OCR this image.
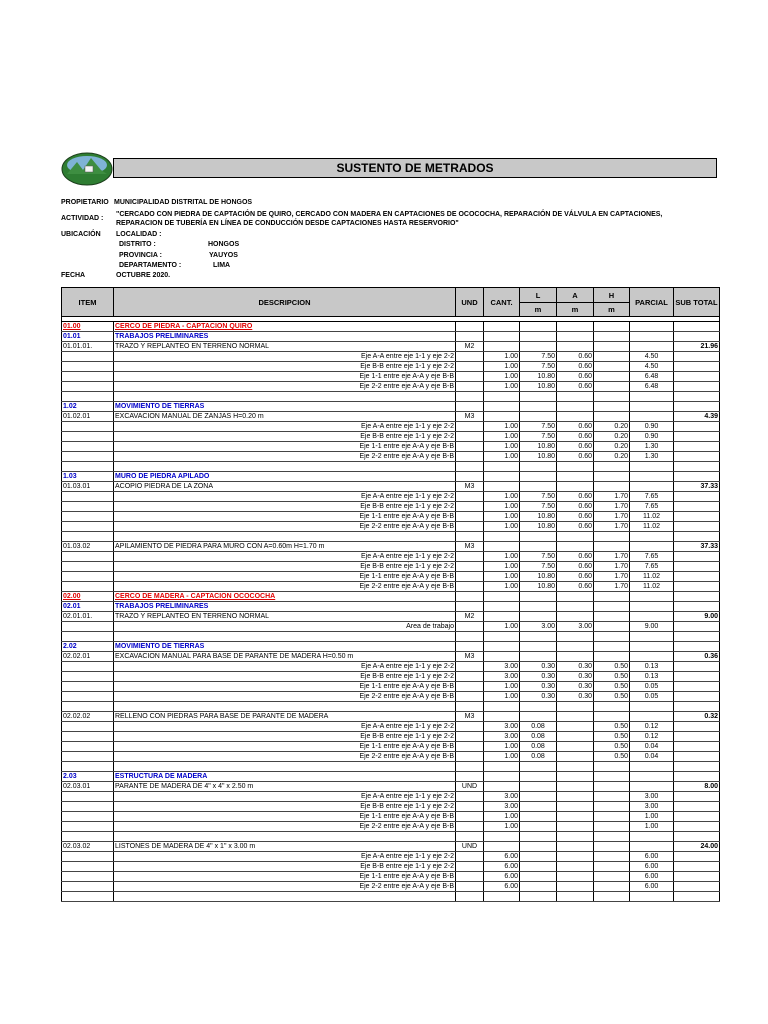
SUSTENTO DE METRADOS
PROPIETARIO MUNICIPALIDAD DISTRITAL DE HONGOS
ACTIVIDAD :
"CERCADO CON PIEDRA DE CAPTACIÓN DE QUIRO, CERCADO CON MADERA EN CAPTACIONES DE OCOCOCHA, REPARACIÓN DE VÁLVULA EN CAPTACIONES,
REPARACION DE TUBERÍA EN LÍNEA DE CONDUCCIÓN DESDE CAPTACIONES HASTA RESERVORIO"
UBICACIÓN LOCALIDAD :
DISTRITO :	HONGOS
PROVINCIA :	YAUYOS
DEPARTAMENTO :	LIMA
FECHA	OCTUBRE 2020.
ITEM	DESCRIPCION	UND	CANT.	L	A	H	PARCIAL	SUB TOTAL
				m	m	m		

01.00	CERCO DE PIEDRA - CAPTACION QUIRO							
01.01	TRABAJOS PRELIMINARES							
01.01.01.	TRAZO Y REPLANTEO EN TERRENO NORMAL	M2						21.96
	Eje A-A entre eje 1-1 y eje 2-2		1.00	7.50	0.60		4.50	
	Eje B-B entre eje 1-1 y eje 2-2		1.00	7.50	0.60		4.50	
	Eje 1-1 entre eje A-A y eje B-B		1.00	10.80	0.60		6.48	
	Eje 2-2 entre eje A-A y eje B-B		1.00	10.80	0.60		6.48	

1.02	MOVIMIENTO DE TIERRAS							
01.02.01	EXCAVACION MANUAL DE ZANJAS H=0.20 m	M3						4.39
	Eje A-A entre eje 1-1 y eje 2-2		1.00	7.50	0.60	0.20	0.90	
	Eje B-B entre eje 1-1 y eje 2-2		1.00	7.50	0.60	0.20	0.90	
	Eje 1-1 entre eje A-A y eje B-B		1.00	10.80	0.60	0.20	1.30	
	Eje 2-2 entre eje A-A y eje B-B		1.00	10.80	0.60	0.20	1.30	

1.03	MURO DE PIEDRA APILADO							
01.03.01	ACOPIO PIEDRA DE LA ZONA	M3						37.33
	Eje A-A entre eje 1-1 y eje 2-2		1.00	7.50	0.60	1.70	7.65	
	Eje B-B entre eje 1-1 y eje 2-2		1.00	7.50	0.60	1.70	7.65	
	Eje 1-1 entre eje A-A y eje B-B		1.00	10.80	0.60	1.70	11.02	
	Eje 2-2 entre eje A-A y eje B-B		1.00	10.80	0.60	1.70	11.02	

01.03.02	APILAMIENTO DE PIEDRA PARA MURO CON A=0.60m H=1.70 m	M3						37.33
	Eje A-A entre eje 1-1 y eje 2-2		1.00	7.50	0.60	1.70	7.65	
	Eje B-B entre eje 1-1 y eje 2-2		1.00	7.50	0.60	1.70	7.65	
	Eje 1-1 entre eje A-A y eje B-B		1.00	10.80	0.60	1.70	11.02	
	Eje 2-2 entre eje A-A y eje B-B		1.00	10.80	0.60	1.70	11.02	
02.00	CERCO DE MADERA - CAPTACION OCOCOCHA							
02.01	TRABAJOS PRELIMINARES							
02.01.01.	TRAZO Y REPLANTEO EN TERRENO NORMAL	M2						9.00
	Area de trabajo		1.00	3.00	3.00		9.00	

2.02	MOVIMIENTO DE TIERRAS							
02.02.01	EXCAVACION MANUAL PARA BASE DE PARANTE DE MADERA H=0.50 m	M3						0.36
	Eje A-A entre eje 1-1 y eje 2-2		3.00	0.30	0.30	0.50	0.13	
	Eje B-B entre eje 1-1 y eje 2-2		3.00	0.30	0.30	0.50	0.13	
	Eje 1-1 entre eje A-A y eje B-B		1.00	0.30	0.30	0.50	0.05	
	Eje 2-2 entre eje A-A y eje B-B		1.00	0.30	0.30	0.50	0.05	

02.02.02	RELLENO CON PIEDRAS PARA BASE DE PARANTE DE MADERA	M3						0.32
	Eje A-A entre eje 1-1 y eje 2-2		3.00	0.08		0.50	0.12	
	Eje B-B entre eje 1-1 y eje 2-2		3.00	0.08		0.50	0.12	
	Eje 1-1 entre eje A-A y eje B-B		1.00	0.08		0.50	0.04	
	Eje 2-2 entre eje A-A y eje B-B		1.00	0.08		0.50	0.04	

2.03	ESTRUCTURA DE MADERA							
02.03.01	PARANTE DE MADERA DE 4" x 4" x 2.50 m	UND						8.00
	Eje A-A entre eje 1-1 y eje 2-2		3.00				3.00	
	Eje B-B entre eje 1-1 y eje 2-2		3.00				3.00	
	Eje 1-1 entre eje A-A y eje B-B		1.00				1.00	
	Eje 2-2 entre eje A-A y eje B-B		1.00				1.00	

02.03.02	LISTONES DE MADERA DE 4" x 1" x 3.00 m	UND						24.00
	Eje A-A entre eje 1-1 y eje 2-2		6.00				6.00	
	Eje B-B entre eje 1-1 y eje 2-2		6.00				6.00	
	Eje 1-1 entre eje A-A y eje B-B		6.00				6.00	
	Eje 2-2 entre eje A-A y eje B-B		6.00				6.00	
